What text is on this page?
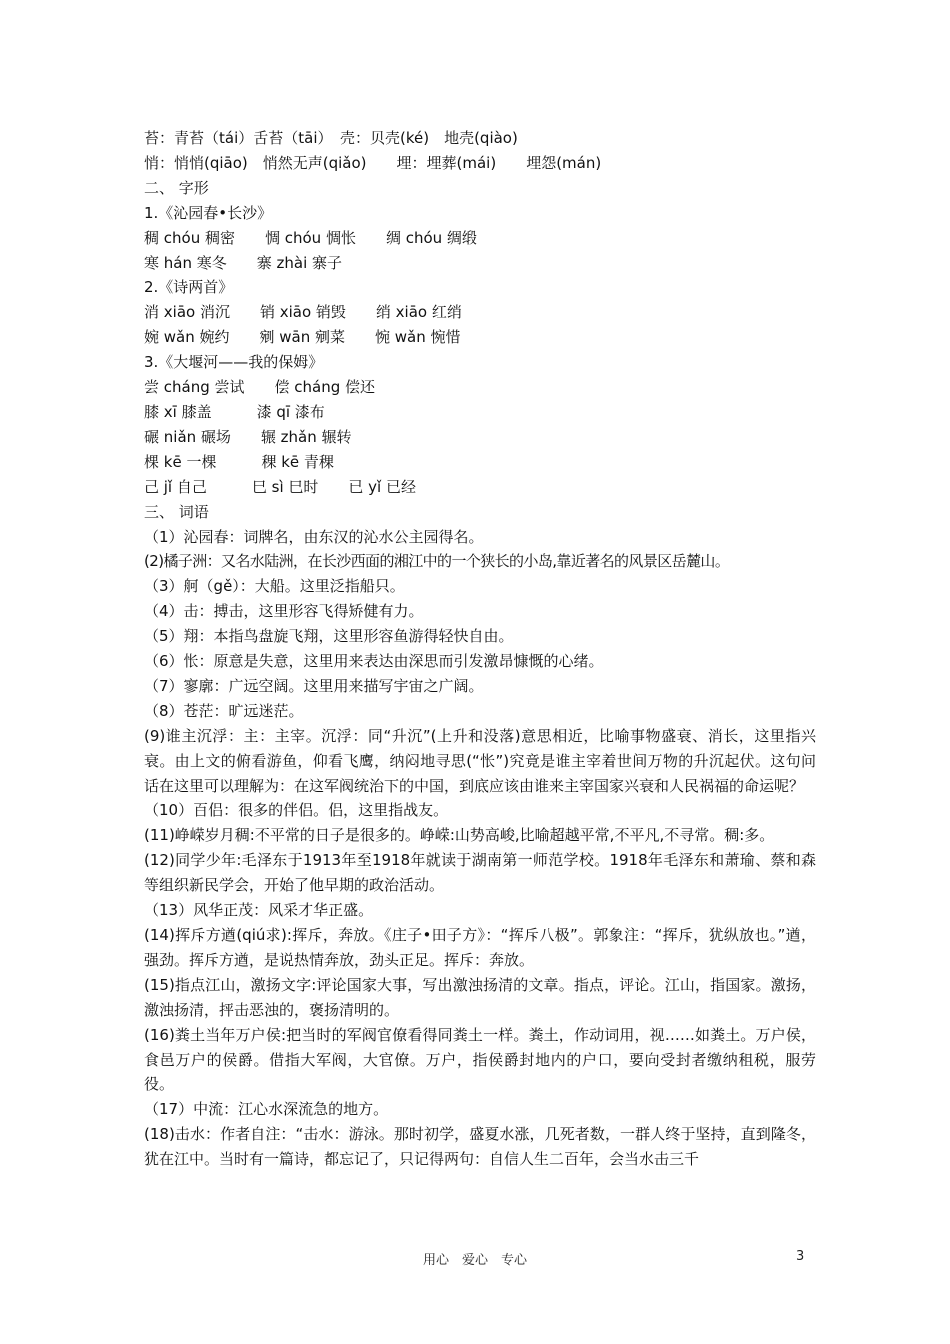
苔：青苔（tái）舌苔（tāi）　壳：贝壳(ké)　地壳(qiào)

悄：悄悄(qiāo)　悄然无声(qiǎo)　　埋：埋葬(mái)　　埋怨(mán)

二、 字形

1.《沁园春•长沙》

稠 chóu 稠密　　惆 chóu 惆怅　　绸 chóu 绸缎

寒 hán 寒冬　　寨 zhài 寨子

2.《诗两首》

消 xiāo 消沉　　销 xiāo 销毁　　绡 xiāo 红绡

婉 wǎn 婉约　　剜 wān 剜菜　　惋 wǎn 惋惜

3.《大堰河——我的保姆》

尝 cháng 尝试　　偿 cháng 偿还

膝 xī 膝盖　　　漆 qī 漆布

碾 niǎn 碾场　　辗 zhǎn 辗转

棵 kē 一棵　　　稞 kē 青稞

己 jǐ 自己　　　巳 sì 巳时　　已 yǐ 已经

三、 词语

（1）沁园春：词牌名，由东汉的沁水公主园得名。

(2)橘子洲：又名水陆洲，在长沙西面的湘江中的一个狭长的小岛,靠近著名的风景区岳麓山。

（3）舸（gě）：大船。这里泛指船只。

（4）击：搏击，这里形容飞得矫健有力。

（5）翔：本指鸟盘旋飞翔，这里形容鱼游得轻快自由。

（6）怅：原意是失意，这里用来表达由深思而引发激昂慷慨的心绪。

（7）寥廓：广远空阔。这里用来描写宇宙之广阔。

（8）苍茫：旷远迷茫。

(9)谁主沉浮：主：主宰。沉浮：同“升沉”(上升和没落)意思相近，比喻事物盛衰、消长，这里指兴衰。由上文的俯看游鱼，仰看飞鹰，纳闷地寻思(“怅”)究竟是谁主宰着世间万物的升沉起伏。这句问话在这里可以理解为：在这军阀统治下的中国，到底应该由谁来主宰国家兴衰和人民祸福的命运呢？

（10）百侣：很多的伴侣。侣，这里指战友。

(11)峥嵘岁月稠:不平常的日子是很多的。峥嵘:山势高峻,比喻超越平常,不平凡,不寻常。稠:多。

(12)同学少年:毛泽东于1913年至1918年就读于湖南第一师范学校。1918年毛泽东和萧瑜、蔡和森等组织新民学会，开始了他早期的政治活动。

（13）风华正茂：风采才华正盛。

(14)挥斥方遒(qiú求):挥斥，奔放。《庄子•田子方》：“挥斥八极”。郭象注：“挥斥，犹纵放也。”遒，强劲。挥斥方遒，是说热情奔放，劲头正足。挥斥：奔放。

(15)指点江山，激扬文字:评论国家大事，写出激浊扬清的文章。指点，评论。江山，指国家。激扬，激浊扬清，抨击恶浊的，褒扬清明的。

(16)粪土当年万户侯:把当时的军阀官僚看得同粪土一样。粪土，作动词用，视……如粪土。万户侯，食邑万户的侯爵。借指大军阀，大官僚。万户，指侯爵封地内的户口，要向受封者缴纳租税，服劳役。

（17）中流：江心水深流急的地方。

(18)击水：作者自注：“击水：游泳。那时初学，盛夏水涨，几死者数，一群人终于坚持，直到隆冬，犹在江中。当时有一篇诗，都忘记了，只记得两句：自信人生二百年，会当水击三千

用心　爱心　专心	3
